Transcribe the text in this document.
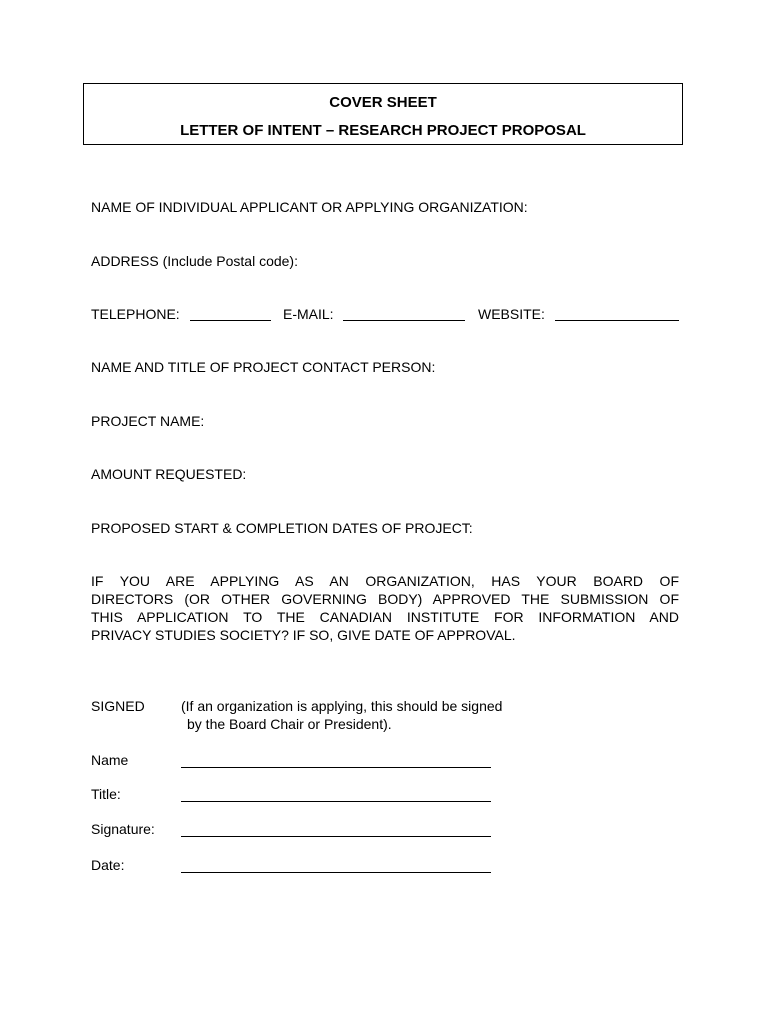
COVER SHEET
LETTER OF INTENT – RESEARCH PROJECT PROPOSAL
NAME OF INDIVIDUAL APPLICANT OR APPLYING ORGANIZATION:
ADDRESS (Include Postal code):
TELEPHONE:	E-MAIL:	WEBSITE:
NAME AND TITLE OF PROJECT CONTACT PERSON:
PROJECT NAME:
AMOUNT REQUESTED:
PROPOSED START & COMPLETION DATES OF PROJECT:
IF YOU ARE APPLYING AS AN ORGANIZATION, HAS YOUR BOARD OF
DIRECTORS (OR OTHER GOVERNING BODY) APPROVED THE SUBMISSION OF
THIS APPLICATION TO THE CANADIAN INSTITUTE FOR INFORMATION AND
PRIVACY STUDIES SOCIETY? IF SO, GIVE DATE OF APPROVAL.
SIGNED	(If an organization is applying, this should be signed
by the Board Chair or President).
Name
Title:
Signature:
Date:
